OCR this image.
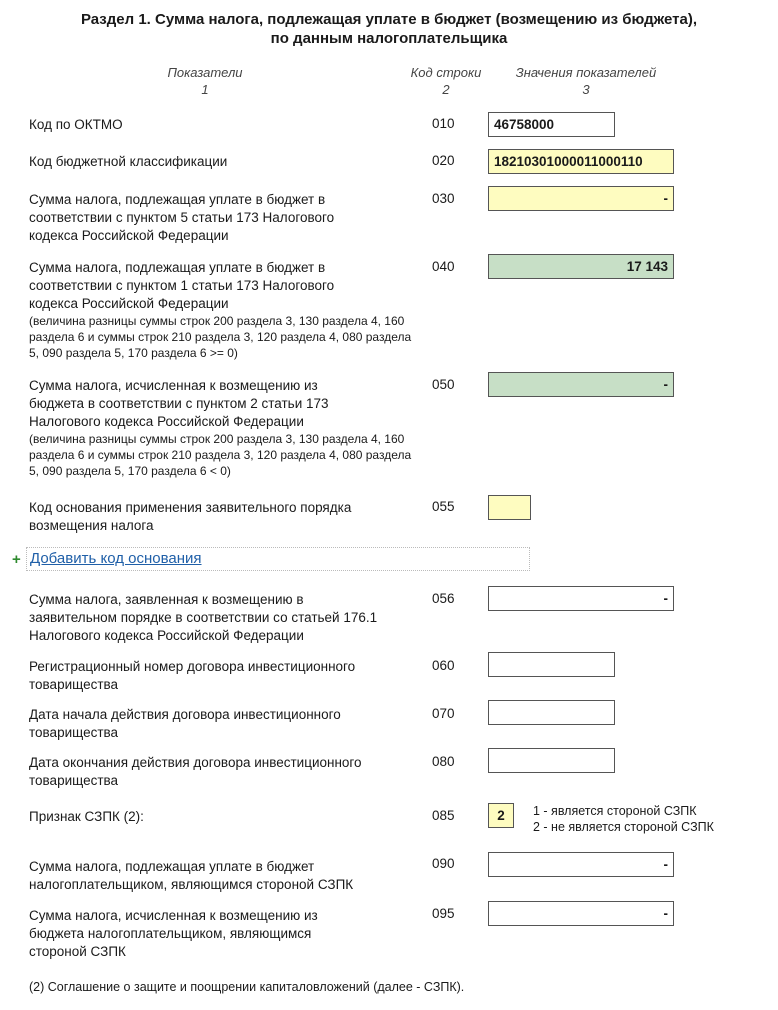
Раздел 1. Сумма налога, подлежащая уплате в бюджет (возмещению из бюджета),
по данным налогоплательщика
Показатели
1
Код строки
2
Значения показателей
3
Код по ОКТМО	010	46758000
Код бюджетной классификации	020	18210301000011000110
Сумма налога, подлежащая уплате в бюджет в соответствии с пунктом 5 статьи 173 Налогового кодекса Российской Федерации
030	-
Сумма налога, подлежащая уплате в бюджет в соответствии с пунктом 1 статьи 173 Налогового кодекса Российской Федерации
(величина разницы суммы строк 200 раздела 3, 130 раздела 4, 160 раздела 6 и суммы строк 210 раздела 3, 120 раздела 4, 080 раздела 5, 090 раздела 5, 170 раздела 6 >= 0)
040	17 143
Сумма налога, исчисленная к возмещению из бюджета в соответствии с пунктом 2 статьи 173 Налогового кодекса Российской Федерации
(величина разницы суммы строк 200 раздела 3, 130 раздела 4, 160 раздела 6 и суммы строк 210 раздела 3, 120 раздела 4, 080 раздела 5, 090 раздела 5, 170 раздела 6 < 0)
050	-
Код основания применения заявительного порядка возмещения налога
055
+ Добавить код основания
Сумма налога, заявленная к возмещению в заявительном порядке в соответствии со статьей 176.1 Налогового кодекса Российской Федерации
056	-
Регистрационный номер договора инвестиционного товарищества
060
Дата начала действия договора инвестиционного товарищества
070
Дата окончания действия договора инвестиционного товарищества
080
Признак СЗПК (2):	085	2	1 - является стороной СЗПК
2 - не является стороной СЗПК
Сумма налога, подлежащая уплате в бюджет налогоплательщиком, являющимся стороной СЗПК
090	-
Сумма налога, исчисленная к возмещению из бюджета налогоплательщиком, являющимся стороной СЗПК
095	-
(2) Соглашение о защите и поощрении капиталовложений (далее - СЗПК).
